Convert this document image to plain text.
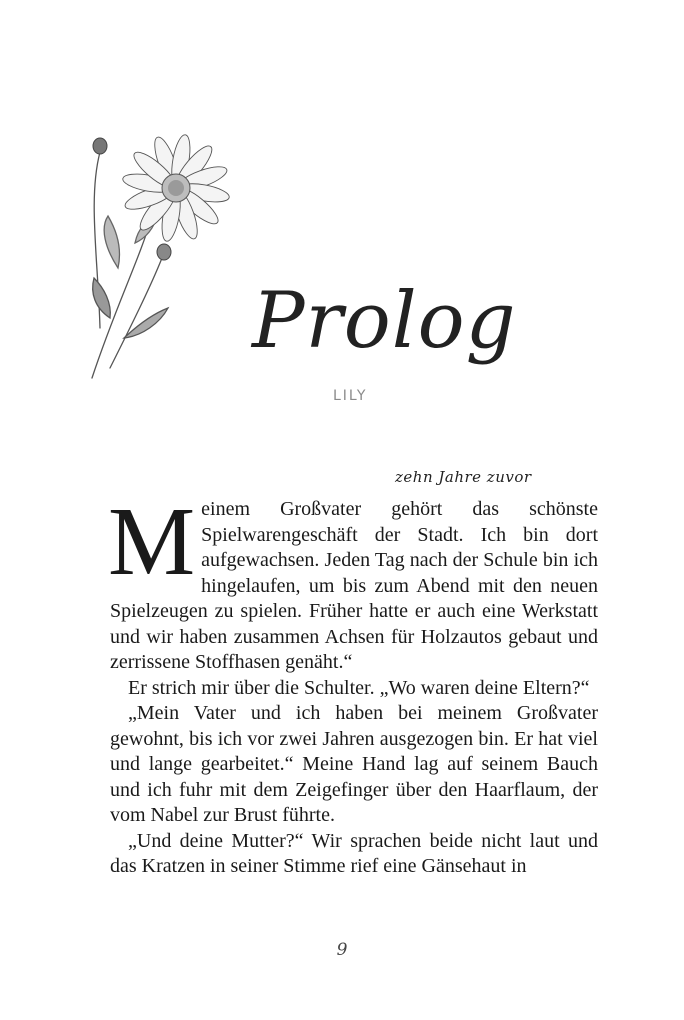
Prolog
LILY
zehn Jahre zuvor

Meinem Großvater gehört das schönste Spielwarengeschäft der Stadt. Ich bin dort aufgewachsen. Jeden Tag nach der Schule bin ich hingelaufen, um bis zum Abend mit den neuen Spielzeugen zu spielen. Früher hatte er auch eine Werkstatt und wir haben zusammen Achsen für Holzautos gebaut und zerrissene Stoffhasen genäht.“

Er strich mir über die Schulter. „Wo waren deine Eltern?“

„Mein Vater und ich haben bei meinem Großvater gewohnt, bis ich vor zwei Jahren ausgezogen bin. Er hat viel und lange gearbeitet.“ Meine Hand lag auf seinem Bauch und ich fuhr mit dem Zeigefinger über den Haarflaum, der vom Nabel zur Brust führte.

„Und deine Mutter?“ Wir sprachen beide nicht laut und das Kratzen in seiner Stimme rief eine Gänsehaut in

9
